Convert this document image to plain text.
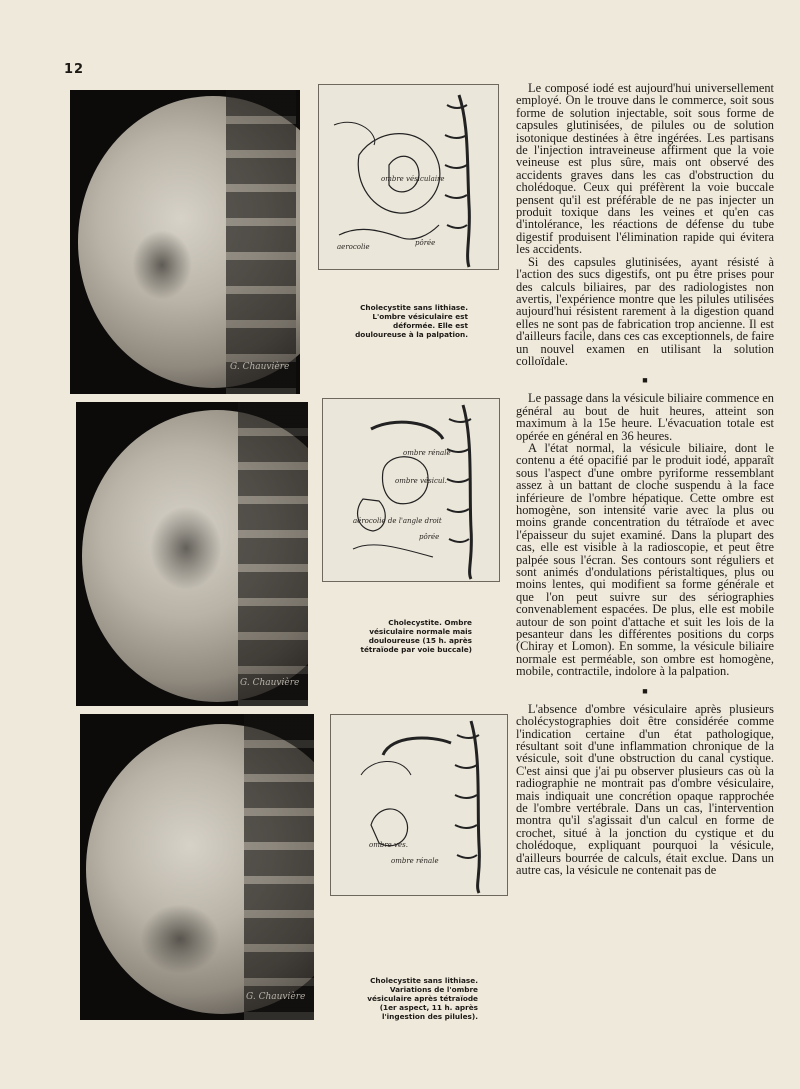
12
G. Chauvière
aerocolie
ombre vésiculaire
pôrée
Cholecystite sans lithiase. L'ombre vésiculaire est déformée. Elle est douloureuse à la palpation.
G. Chauvière
ombre rénale
ombre vésicul.
aérocolie de l'angle droit
pôrée
Cholecystite. Ombre vésiculaire normale mais douloureuse (15 h. après tétraïode par voie buccale)
G. Chauvière
ombre vés.
ombre rénale
Cholecystite sans lithiase. Variations de l'ombre vésiculaire après tétraïode (1er aspect, 11 h. après l'ingestion des pilules).

Le composé iodé est aujourd'hui universellement employé. On le trouve dans le commerce, soit sous forme de solution injectable, soit sous forme de capsules glutinisées, de pilules ou de solution isotonique destinées à être ingérées. Les partisans de l'injection intraveineuse affirment que la voie veineuse est plus sûre, mais ont observé des accidents graves dans les cas d'obstruction du cholédoque. Ceux qui préfèrent la voie buccale pensent qu'il est préférable de ne pas injecter un produit toxique dans les veines et qu'en cas d'intolérance, les réactions de défense du tube digestif produisent l'élimination rapide qui évitera les accidents.

Si des capsules glutinisées, ayant résisté à l'action des sucs digestifs, ont pu être prises pour des calculs biliaires, par des radiologistes non avertis, l'expérience montre que les pilules utilisées aujourd'hui résistent rarement à la digestion quand elles ne sont pas de fabrication trop ancienne. Il est d'ailleurs facile, dans ces cas exceptionnels, de faire un nouvel examen en utilisant la solution colloïdale.

■

Le passage dans la vésicule biliaire commence en général au bout de huit heures, atteint son maximum à la 15e heure. L'évacuation totale est opérée en général en 36 heures.

A l'état normal, la vésicule biliaire, dont le contenu a été opacifié par le produit iodé, apparaît sous l'aspect d'une ombre pyriforme ressemblant assez à un battant de cloche suspendu à la face inférieure de l'ombre hépatique. Cette ombre est homogène, son intensité varie avec la plus ou moins grande concentration du tétraïode et avec l'épaisseur du sujet examiné. Dans la plupart des cas, elle est visible à la radioscopie, et peut être palpée sous l'écran. Ses contours sont réguliers et sont animés d'ondulations péristaltiques, plus ou moins lentes, qui modifient sa forme générale et que l'on peut suivre sur des sériographies convenablement espacées. De plus, elle est mobile autour de son point d'attache et suit les lois de la pesanteur dans les différentes positions du corps (Chiray et Lomon). En somme, la vésicule biliaire normale est perméable, son ombre est homogène, mobile, contractile, indolore à la palpation.

■

L'absence d'ombre vésiculaire après plusieurs cholécystographies doit être considérée comme l'indication certaine d'un état pathologique, résultant soit d'une inflammation chronique de la vésicule, soit d'une obstruction du canal cystique. C'est ainsi que j'ai pu observer plusieurs cas où la radiographie ne montrait pas d'ombre vésiculaire, mais indiquait une concrétion opaque rapprochée de l'ombre vertébrale. Dans un cas, l'intervention montra qu'il s'agissait d'un calcul en forme de crochet, situé à la jonction du cystique et du cholédoque, expliquant pourquoi la vésicule, d'ailleurs bourrée de calculs, était exclue. Dans un autre cas, la vésicule ne contenait pas de
